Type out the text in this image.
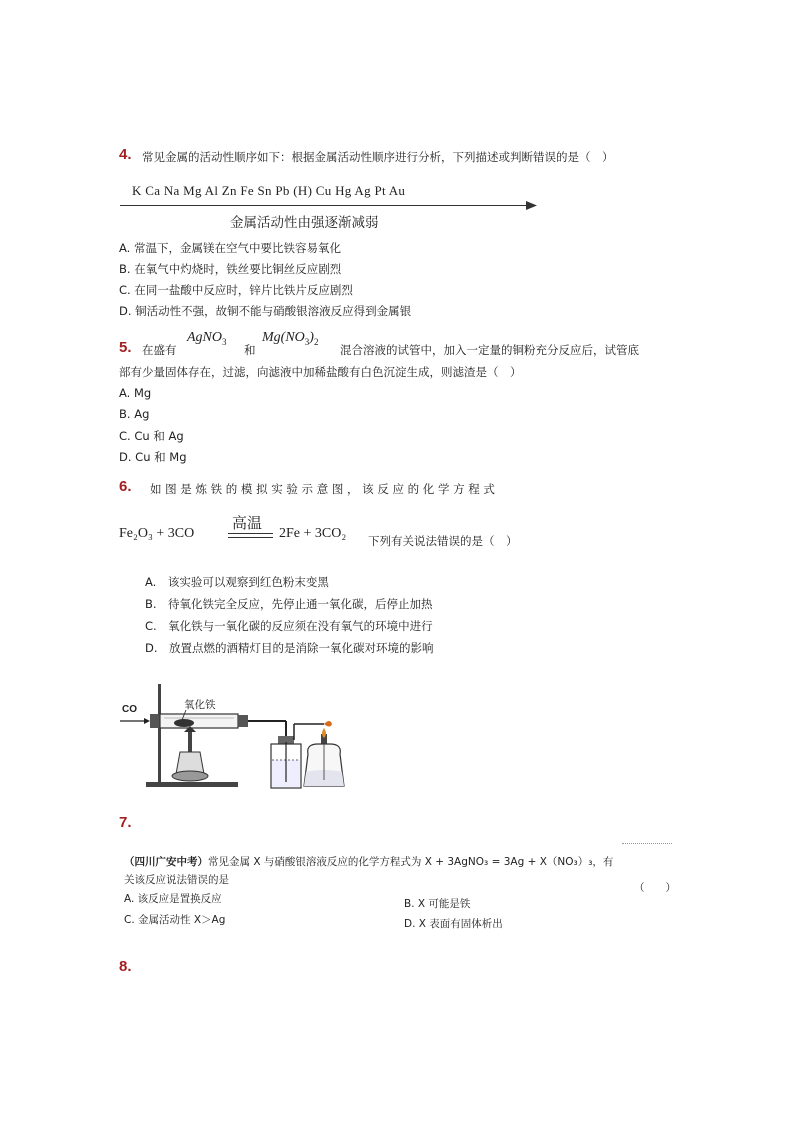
4. 常见金属的活动性顺序如下：根据金属活动性顺序进行分析，下列描述或判断错误的是（　）
K Ca Na Mg Al Zn Fe Sn Pb (H) Cu Hg Ag Pt Au
金属活动性由强逐渐减弱
A. 常温下，金属镁在空气中要比铁容易氧化
B. 在氧气中灼烧时，铁丝要比铜丝反应剧烈
C. 在同一盐酸中反应时，锌片比铁片反应剧烈
D. 铜活动性不强，故铜不能与硝酸银溶液反应得到金属银
5. 在盛有
AgNO$_3$
和
$Mg(NO_3)_2$
混合溶液的试管中，加入一定量的铜粉充分反应后，试管底
部有少量固体存在，过滤，向滤液中加稀盐酸有白色沉淀生成，则滤渣是（　）
A. Mg
B. Ag
C. Cu 和 Ag
D. Cu 和 Mg
6. 如 图 是 炼 铁 的 模 拟 实 验 示 意 图 ， 该 反 应 的 化 学 方 程 式
Fe₂O₃ + 3CO
高温
2Fe + 3CO₂ 下列有关说法错误的是（　）
A.　该实验可以观察到红色粉末变黑
B.　待氧化铁完全反应，先停止通一氧化碳，后停止加热
C.　氧化铁与一氧化碳的反应须在没有氧气的环境中进行
D.　放置点燃的酒精灯目的是消除一氧化碳对环境的影响
CO	氧化铁
7.
（四川广安中考）常见金属 X 与硝酸银溶液反应的化学方程式为 X + 3AgNO₃ = 3Ag + X（NO₃）₃，有
关该反应说法错误的是
（　　）
A. 该反应是置换反应	B. X 可能是铁
C. 金属活动性 X＞Ag	D. X 表面有固体析出
8.
